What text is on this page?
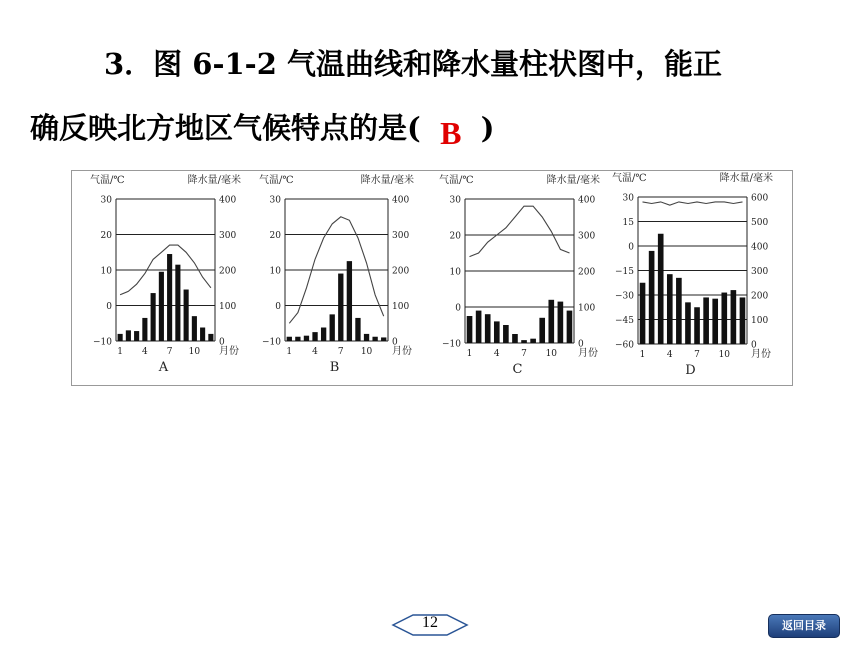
3．图 6-1-2 气温曲线和降水量柱状图中，能正
确反映北方地区气候特点的是( B )
气温/℃	降水量/毫米
30
20
10
0
−10
400
300
200
100
0
1 4 7 10 月份
A
气温/℃	降水量/毫米
30
20
10
0
−10
400
300
200
100
0
1 4 7 10 月份
B
气温/℃	降水量/毫米
30
20
10
0
−10
400
300
200
100
0
1 4 7 10 月份
C
气温/℃	降水量/毫米
30
15
0
−15
−30
−45
−60
600
500
400
300
200
100
0
1 4 7 10 月份
D
12	返回目录
